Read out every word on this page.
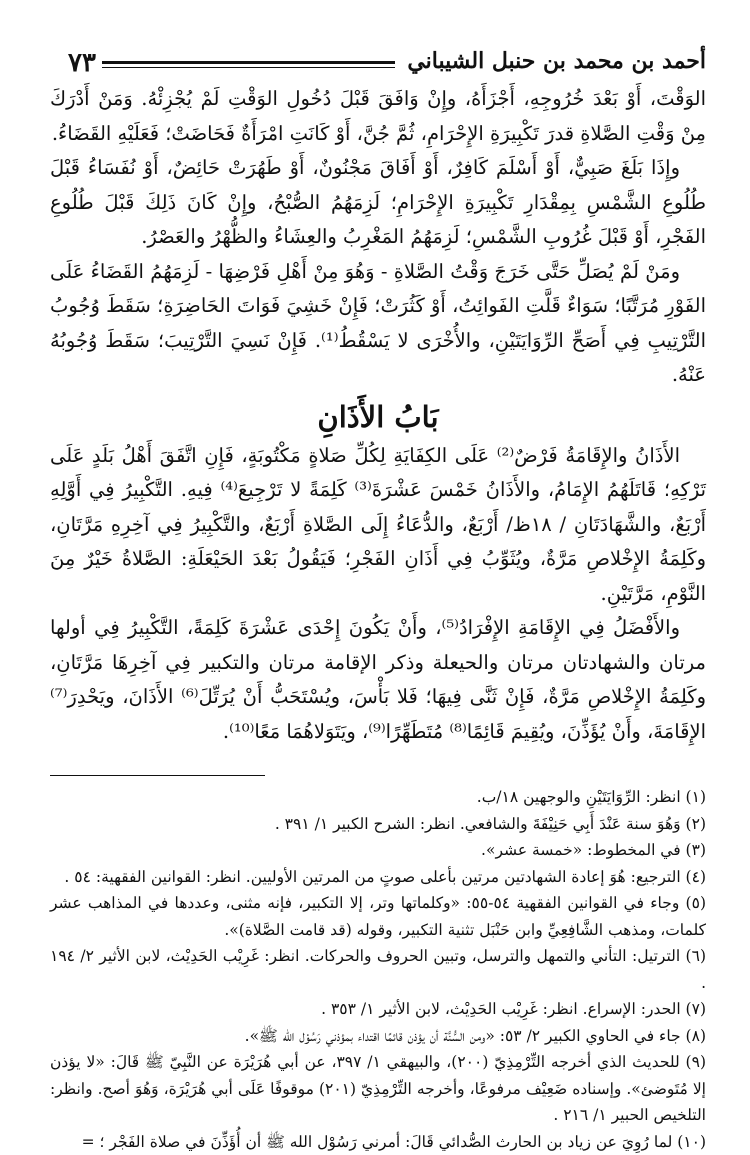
أحمد بن محمد بن حنبل الشيباني
٧٣

الوَقْتَ، أَوْ بَعْدَ خُرُوجِهِ، أَجْزَأَهُ، وإِنْ وَافَقَ قَبْلَ دُخُولِ الوَقْتِ لَمْ يُجْزِئْهُ. وَمَنْ أَدْرَكَ مِنْ وَقْتِ الصَّلاةِ قدرَ تَكْبِيرَةِ الإِحْرَامِ، ثُمَّ جُنَّ، أَوْ كَانَتِ امْرَأَةٌ فَحَاضَتْ؛ فَعَلَيْهِ القَضَاءُ.

وإِذَا بَلَغَ صَبِيٌّ، أَوْ أَسْلَمَ كَافِرٌ، أَوْ أَفَاقَ مَجْنُونٌ، أَوْ طَهُرَتْ حَائِضٌ، أَوْ نُفَسَاءُ قَبْلَ طُلُوعِ الشَّمْسِ بِمِقْدَارِ تَكْبِيرَةِ الإِحْرَامِ؛ لَزِمَهُمُ الصُّبْحُ، وإِنْ كَانَ ذَلِكَ قَبْلَ طُلُوعِ الفَجْرِ، أَوْ قَبْلَ غُرُوبِ الشَّمْسِ؛ لَزِمَهُمُ المَغْرِبُ والعِشَاءُ والظُّهْرُ والعَصْرُ.

ومَنْ لَمْ يُصَلِّ حَتَّى خَرَجَ وَقْتُ الصَّلاةِ - وَهُوَ مِنْ أَهْلِ فَرْضِهَا - لَزِمَهُمُ القَضَاءُ عَلَى الفَوْرِ مُرَتَّبًا؛ سَوَاءٌ قَلَّتِ الفَوائِتُ، أَوْ كَثُرَتْ؛ فَإِنْ خَشِيَ فَوَاتَ الحَاضِرَةِ؛ سَقَطَ وُجُوبُ التَّرْتِيبِ فِي أَصَحِّ الرِّوَايَتَيْنِ، والأُخْرَى لا يَسْقُطُ⁽¹⁾. فَإِنْ نَسِيَ التَّرْتِيبَ؛ سَقَطَ وُجُوبُهُ عَنْهُ.

بَابُ الأَذَانِ

الأَذَانُ والإِقَامَةُ فَرْضٌ⁽²⁾ عَلَى الكِفَايَةِ لِكُلِّ صَلاةٍ مَكْتُوبَةٍ، فَإِنِ اتَّفَقَ أَهْلُ بَلَدٍ عَلَى تَرْكِهِ؛ قَاتَلَهُمُ الإِمَامُ، والأَذَانُ خَمْسَ عَشْرَةَ⁽³⁾ كَلِمَةً لا تَرْجِيعَ⁽⁴⁾ فِيهِ. التَّكْبِيرُ فِي أَوَّلِهِ أَرْبَعٌ، والشَّهَادَتَانِ / ١٨ظ/ أَرْبَعٌ، والدُّعَاءُ إِلَى الصَّلاةِ أَرْبَعٌ، والتَّكْبِيرُ فِي آخِرِهِ مَرَّتَانِ، وكَلِمَةُ الإِخْلاصِ مَرَّةٌ، ويُثَوِّبُ فِي أَذَانِ الفَجْرِ؛ فَيَقُولُ بَعْدَ الحَيْعَلَةِ: الصَّلاةُ خَيْرٌ مِنَ النَّوْمِ، مَرَّتَيْنِ.

والأَفْضَلُ فِي الإِقَامَةِ الإِفْرَادُ⁽⁵⁾، وأَنْ يَكُونَ إِحْدَى عَشْرَةَ كَلِمَةً، التَّكْبِيرُ فِي أولها مرتان والشهادتان مرتان والحيعلة وذكر الإقامة مرتان والتكبير فِي آخِرِهَا مَرَّتَانِ، وكَلِمَةُ الإِخْلاصِ مَرَّةٌ، فَإِنْ ثَنَّى فِيهَا؛ فَلا بَأْسَ، ويُسْتَحَبُّ أَنْ يُرَتِّلَ⁽⁶⁾ الأَذَانَ، ويَحْدِرَ⁽⁷⁾ الإِقَامَةَ، وأَنْ يُؤَذِّنَ، ويُقِيمَ قَائِمًا⁽⁸⁾ مُتَطَهِّرًا⁽⁹⁾، ويَتَوَلاهُمَا مَعًا⁽¹⁰⁾.

(١) انظر: الرِّوَايَتَيْنِ والوجهين ١٨/ب.

(٢) وَهُوَ سنة عَنْدَ أَبِي حَنِيْفَةَ والشافعي. انظر: الشرح الكبير ١/ ٣٩١ .

(٣) في المخطوط: «خمسة عشر».

(٤) الترجيع: هُوَ إعادة الشهادتين مرتين بأعلى صوتٍ من المرتين الأوليين. انظر: القوانين الفقهية: ٥٤ .

(٥) وجاء في القوانين الفقهية ٥٤-٥٥: «وكلماتها وتر، إلا التكبير، فإنه مثنى، وعددها في المذاهب عشر كلمات، ومذهب الشَّافِعِيِّ وابن حَنْبَل تثنية التكبير، وقوله (قد قامت الصَّلاة)».

(٦) الترتيل: التأني والتمهل والترسل، وتبين الحروف والحركات. انظر: غَرِيْب الحَدِيْث، لابن الأثير ٢/ ١٩٤ .

(٧) الحدر: الإسراع. انظر: غَرِيْب الحَدِيْث، لابن الأثير ١/ ٣٥٣ .

(٨) جاء في الحاوي الكبير ٢/ ٥٣: «ومن السُّنَّة أن يؤذن قائمًا اقتداء بمؤذني رَسُوْل الله ﷺ».

(٩) للحديث الذي أخرجه التِّرْمِذِيّ (٢٠٠)، والبيهقي ١/ ٣٩٧، عن أبي هُرَيْرَة عن النَّبِيّ ﷺ قَالَ: «لا يؤذن إلا مُتَوضئ». وإسناده ضَعِيْف مرفوعًا، وأخرجه التِّرْمِذِيّ (٢٠١) موقوفًا عَلَى أبي هُرَيْرَة، وَهُوَ أصح. وانظر: التلخيص الحبير ١/ ٢١٦ .

(١٠) لما رُوِيَ عن زياد بن الحارث الصُّدائي قَالَ: أمرني رَسُوْل الله ﷺ أن أُؤَذِّنَ في صلاة الفَجْر ؛ =
